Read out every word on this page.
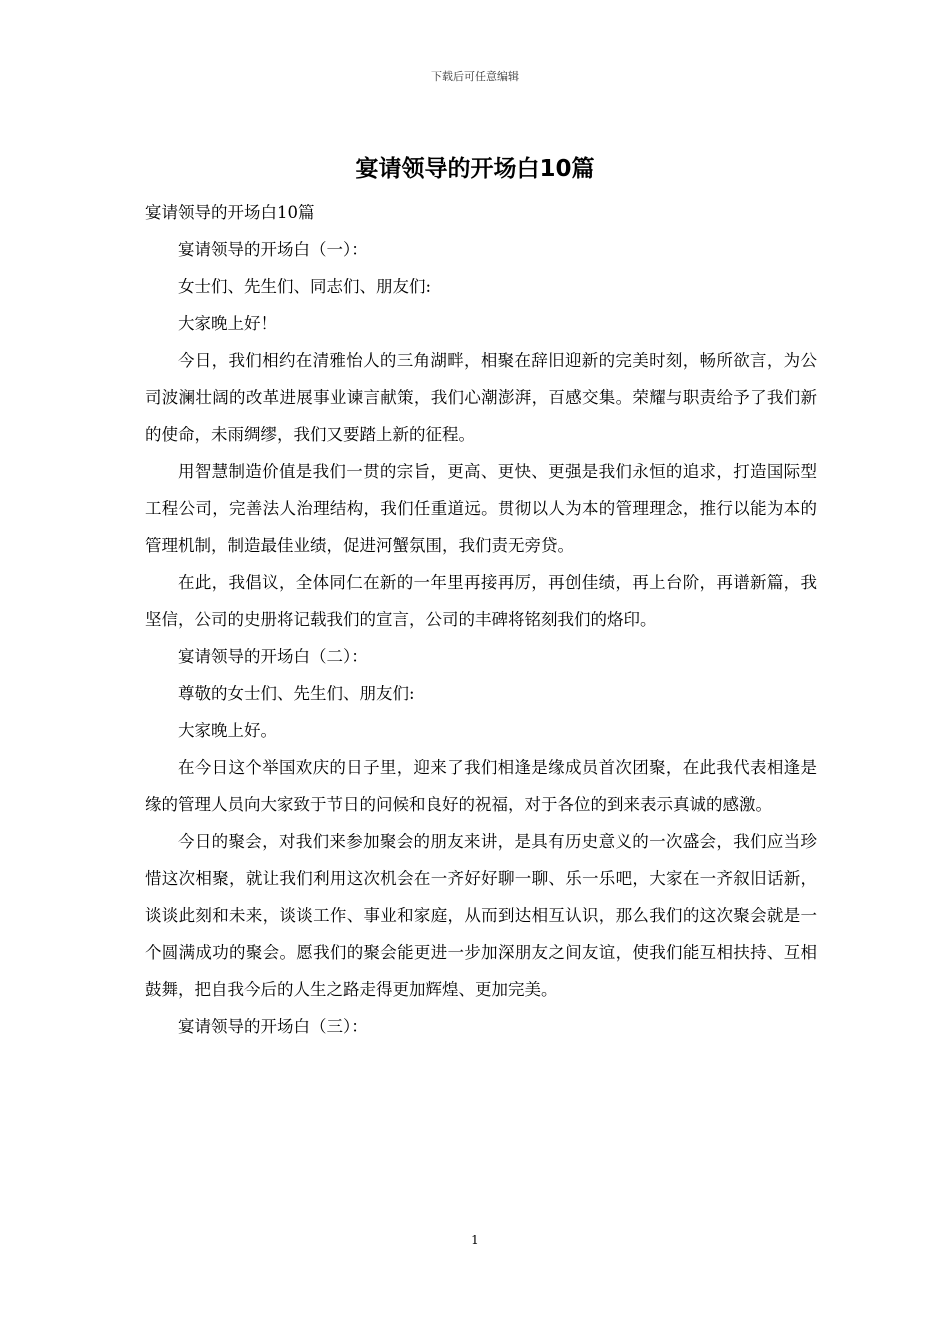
下载后可任意编辑
宴请领导的开场白10篇

宴请领导的开场白10篇

宴请领导的开场白（一）：

女士们、先生们、同志们、朋友们:

大家晚上好！

今日，我们相约在清雅怡人的三角湖畔，相聚在辞旧迎新的完美时刻，畅所欲言，为公司波澜壮阔的改革进展事业谏言献策，我们心潮澎湃，百感交集。荣耀与职责给予了我们新的使命，未雨绸缪，我们又要踏上新的征程。

用智慧制造价值是我们一贯的宗旨，更高、更快、更强是我们永恒的追求，打造国际型工程公司，完善法人治理结构，我们任重道远。贯彻以人为本的管理理念，推行以能为本的管理机制，制造最佳业绩，促进河蟹氛围，我们责无旁贷。

在此，我倡议，全体同仁在新的一年里再接再厉，再创佳绩，再上台阶，再谱新篇，我坚信，公司的史册将记载我们的宣言，公司的丰碑将铭刻我们的烙印。

宴请领导的开场白（二）：

尊敬的女士们、先生们、朋友们:

大家晚上好。

在今日这个举国欢庆的日子里，迎来了我们相逢是缘成员首次团聚，在此我代表相逢是缘的管理人员向大家致于节日的问候和良好的祝福，对于各位的到来表示真诚的感激。

今日的聚会，对我们来参加聚会的朋友来讲，是具有历史意义的一次盛会，我们应当珍惜这次相聚，就让我们利用这次机会在一齐好好聊一聊、乐一乐吧，大家在一齐叙旧话新，谈谈此刻和未来，谈谈工作、事业和家庭，从而到达相互认识，那么我们的这次聚会就是一个圆满成功的聚会。愿我们的聚会能更进一步加深朋友之间友谊，使我们能互相扶持、互相鼓舞，把自我今后的人生之路走得更加辉煌、更加完美。

宴请领导的开场白（三）：

1
